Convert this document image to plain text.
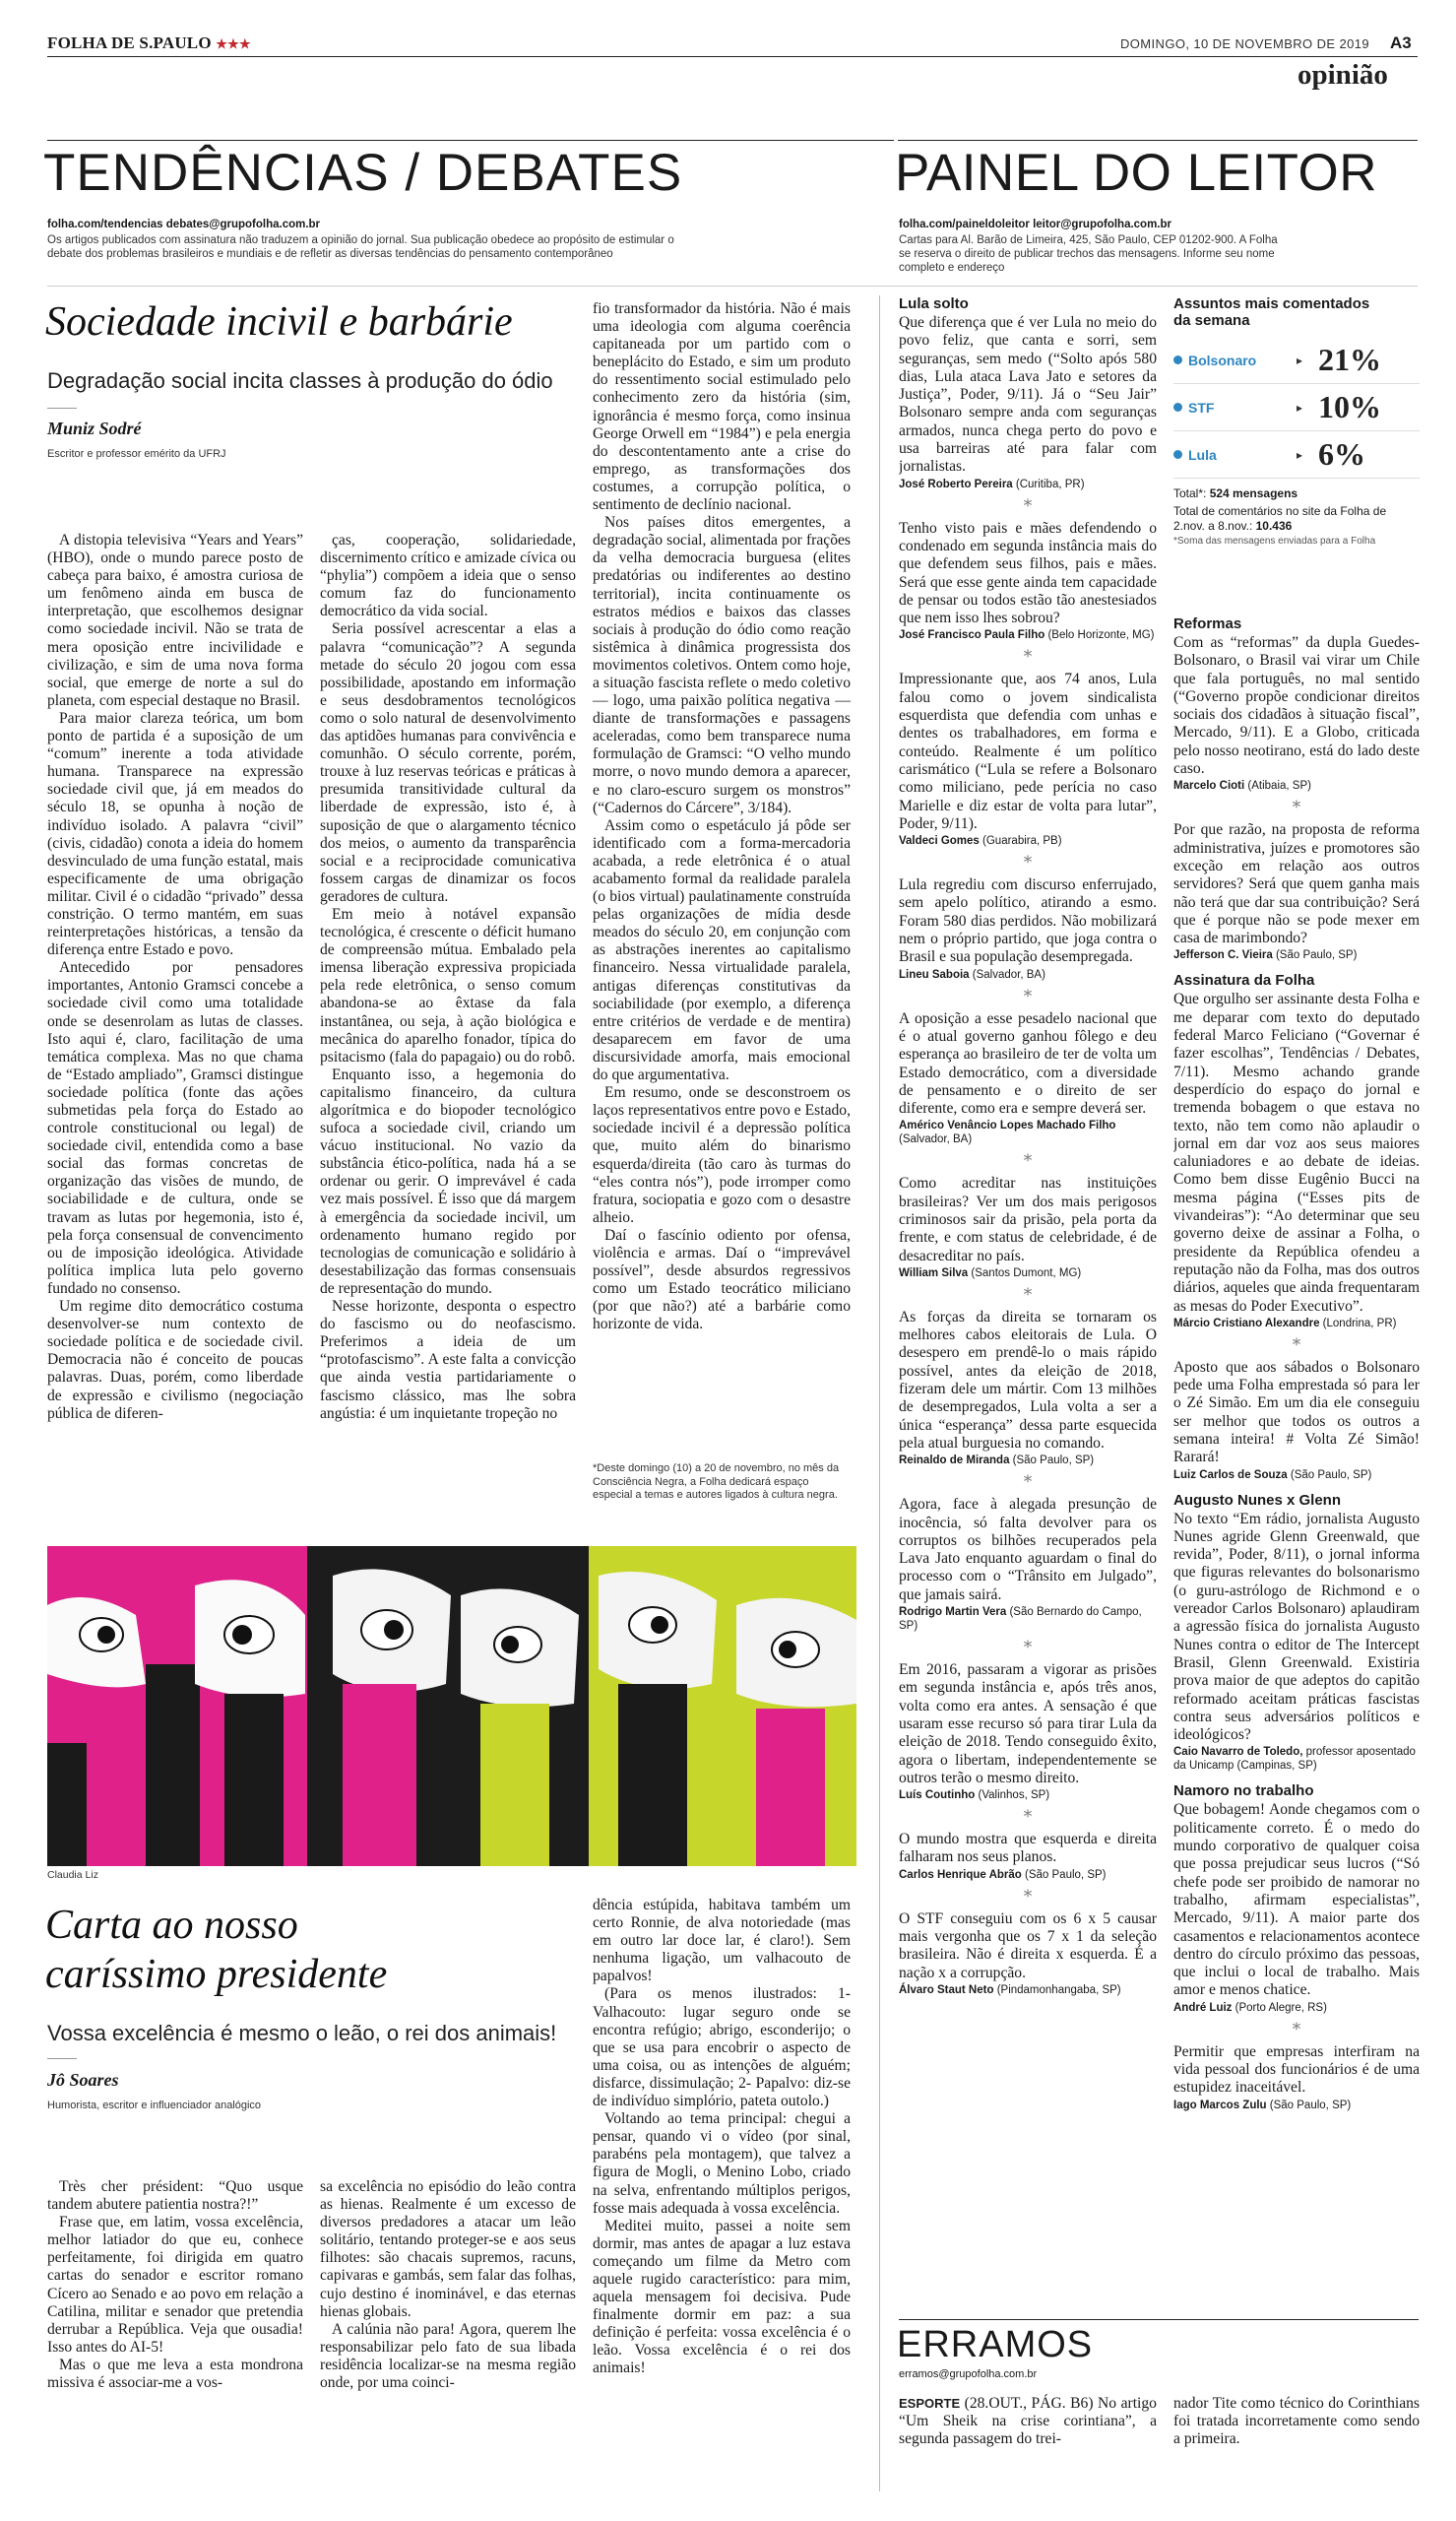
FOLHA DE S.PAULO ★★★	DOMINGO, 10 DE NOVEMBRO DE 2019 A3
opinião
TENDÊNCIAS / DEBATES
folha.com/tendencias debates@grupofolha.com.br
Os artigos publicados com assinatura não traduzem a opinião do jornal. Sua publicação obedece ao propósito de estimular o debate dos problemas brasileiros e mundiais e de refletir as diversas tendências do pensamento contemporâneo
PAINEL DO LEITOR
folha.com/paineldoleitor leitor@grupofolha.com.br
Cartas para Al. Barão de Limeira, 425, São Paulo, CEP 01202-900. A Folha se reserva o direito de publicar trechos das mensagens. Informe seu nome completo e endereço
Sociedade incivil e barbárie
Degradação social incita classes à produção do ódio
Muniz Sodré
Escritor e professor emérito da UFRJ

A distopia televisiva “Years and Years” (HBO), onde o mundo parece posto de cabeça para baixo, é amostra curiosa de um fenômeno ainda em busca de interpretação, que escolhemos designar como sociedade incivil. Não se trata de mera oposição entre incivilidade e civilização, e sim de uma nova forma social, que emerge de norte a sul do planeta, com especial destaque no Brasil.

Para maior clareza teórica, um bom ponto de partida é a suposição de um “comum” inerente a toda atividade humana. Transparece na expressão sociedade civil que, já em meados do século 18, se opunha à noção de indivíduo isolado. A palavra “civil” (civis, cidadão) conota a ideia do homem desvinculado de uma função estatal, mais especificamente de uma obrigação militar. Civil é o cidadão “privado” dessa constrição. O termo mantém, em suas reinterpretações históricas, a tensão da diferença entre Estado e povo.

Antecedido por pensadores importantes, Antonio Gramsci concebe a sociedade civil como uma totalidade onde se desenrolam as lutas de classes. Isto aqui é, claro, facilitação de uma temática complexa. Mas no que chama de “Estado ampliado”, Gramsci distingue sociedade política (fonte das ações submetidas pela força do Estado ao controle constitucional ou legal) de sociedade civil, entendida como a base social das formas concretas de organização das visões de mundo, de sociabilidade e de cultura, onde se travam as lutas por hegemonia, isto é, pela força consensual de convencimento ou de imposição ideológica. Atividade política implica luta pelo governo fundado no consenso.

Um regime dito democrático costuma desenvolver-se num contexto de sociedade política e de sociedade civil. Democracia não é conceito de poucas palavras. Duas, porém, como liberdade de expressão e civilismo (negociação pública de diferen-

ças, cooperação, solidariedade, discernimento crítico e amizade cívica ou “phylia”) compõem a ideia que o senso comum faz do funcionamento democrático da vida social.

Seria possível acrescentar a elas a palavra “comunicação”? A segunda metade do século 20 jogou com essa possibilidade, apostando em informação e seus desdobramentos tecnológicos como o solo natural de desenvolvimento das aptidões humanas para convivência e comunhão. O século corrente, porém, trouxe à luz reservas teóricas e práticas à presumida transitividade cultural da liberdade de expressão, isto é, à suposição de que o alargamento técnico dos meios, o aumento da transparência social e a reciprocidade comunicativa fossem cargas de dinamizar os focos geradores de cultura.

Em meio à notável expansão tecnológica, é crescente o déficit humano de compreensão mútua. Embalado pela imensa liberação expressiva propiciada pela rede eletrônica, o senso comum abandona-se ao êxtase da fala instantânea, ou seja, à ação biológica e mecânica do aparelho fonador, típica do psitacismo (fala do papagaio) ou do robô.

Enquanto isso, a hegemonia do capitalismo financeiro, da cultura algorítmica e do biopoder tecnológico sufoca a sociedade civil, criando um vácuo institucional. No vazio da substância ético-política, nada há a se ordenar ou gerir. O imprevável é cada vez mais possível. É isso que dá margem à emergência da sociedade incivil, um ordenamento humano regido por tecnologias de comunicação e solidário à desestabilização das formas consensuais de representação do mundo.

Nesse horizonte, desponta o espectro do fascismo ou do neofascismo. Preferimos a ideia de um “protofascismo”. A este falta a convicção que ainda vestia partidariamente o fascismo clássico, mas lhe sobra angústia: é um inquietante tropeção no

fio transformador da história. Não é mais uma ideologia com alguma coerência capitaneada por um partido com o beneplácito do Estado, e sim um produto do ressentimento social estimulado pelo conhecimento zero da história (sim, ignorância é mesmo força, como insinua George Orwell em “1984”) e pela energia do descontentamento ante a crise do emprego, as transformações dos costumes, a corrupção política, o sentimento de declínio nacional.

Nos países ditos emergentes, a degradação social, alimentada por frações da velha democracia burguesa (elites predatórias ou indiferentes ao destino territorial), incita continuamente os estratos médios e baixos das classes sociais à produção do ódio como reação sistêmica à dinâmica progressista dos movimentos coletivos. Ontem como hoje, a situação fascista reflete o medo coletivo — logo, uma paixão política negativa — diante de transformações e passagens aceleradas, como bem transparece numa formulação de Gramsci: “O velho mundo morre, o novo mundo demora a aparecer, e no claro-escuro surgem os monstros” (“Cadernos do Cárcere”, 3/184).

Assim como o espetáculo já pôde ser identificado com a forma-mercadoria acabada, a rede eletrônica é o atual acabamento formal da realidade paralela (o bios virtual) paulatinamente construída pelas organizações de mídia desde meados do século 20, em conjunção com as abstrações inerentes ao capitalismo financeiro. Nessa virtualidade paralela, antigas diferenças constitutivas da sociabilidade (por exemplo, a diferença entre critérios de verdade e de mentira) desaparecem em favor de uma discursividade amorfa, mais emocional do que argumentativa.

Em resumo, onde se desconstroem os laços representativos entre povo e Estado, sociedade incivil é a depressão política que, muito além do binarismo esquerda/direita (tão caro às turmas do “eles contra nós”), pode irromper como fratura, sociopatia e gozo com o desastre alheio.

Daí o fascínio odiento por ofensa, violência e armas. Daí o “imprevável possível”, desde absurdos regressivos como um Estado teocrático miliciano (por que não?) até a barbárie como horizonte de vida.

*Deste domingo (10) a 20 de novembro, no mês da Consciência Negra, a Folha dedicará espaço especial a temas e autores ligados à cultura negra.
Claudia Liz
Carta ao nosso
caríssimo presidente
Vossa excelência é mesmo o leão, o rei dos animais!
Jô Soares
Humorista, escritor e influenciador analógico

Très cher président: “Quo usque tandem abutere patientia nostra?!”

Frase que, em latim, vossa excelência, melhor latiador do que eu, conhece perfeitamente, foi dirigida em quatro cartas do senador e escritor romano Cícero ao Senado e ao povo em relação a Catilina, militar e senador que pretendia derrubar a República. Veja que ousadia! Isso antes do AI-5!

Mas o que me leva a esta mondrona missiva é associar-me a vos-

sa excelência no episódio do leão contra as hienas. Realmente é um excesso de diversos predadores a atacar um leão solitário, tentando proteger-se e aos seus filhotes: são chacais supremos, racuns, capivaras e gambás, sem falar das folhas, cujo destino é inominável, e das eternas hienas globais.

A calúnia não para! Agora, querem lhe responsabilizar pelo fato de sua libada residência localizar-se na mesma região onde, por uma coinci-

dência estúpida, habitava também um certo Ronnie, de alva notoriedade (mas em outro lar doce lar, é claro!). Sem nenhuma ligação, um valhacouto de papalvos!

(Para os menos ilustrados: 1- Valhacouto: lugar seguro onde se encontra refúgio; abrigo, esconderijo; o que se usa para encobrir o aspecto de uma coisa, ou as intenções de alguém; disfarce, dissimulação; 2- Papalvo: diz-se de indivíduo simplório, pateta outolo.)

Voltando ao tema principal: chegui a pensar, quando vi o vídeo (por sinal, parabéns pela montagem), que talvez a figura de Mogli, o Menino Lobo, criado na selva, enfrentando múltiplos perigos, fosse mais adequada à vossa excelência.

Meditei muito, passei a noite sem dormir, mas antes de apagar a luz estava começando um filme da Metro com aquele rugido característico: para mim, aquela mensagem foi decisiva. Pude finalmente dormir em paz: a sua definição é perfeita: vossa excelência é o leão. Vossa excelência é o rei dos animais!

Lula solto

Que diferença que é ver Lula no meio do povo feliz, que canta e sorri, sem seguranças, sem medo (“Solto após 580 dias, Lula ataca Lava Jato e setores da Justiça”, Poder, 9/11). Já o “Seu Jair” Bolsonaro sempre anda com seguranças armados, nunca chega perto do povo e usa barreiras até para falar com jornalistas.

José Roberto Pereira (Curitiba, PR)
*

Tenho visto pais e mães defendendo o condenado em segunda instância mais do que defendem seus filhos, pais e mães. Será que esse gente ainda tem capacidade de pensar ou todos estão tão anestesiados que nem isso lhes sobrou?

José Francisco Paula Filho (Belo Horizonte, MG)
*

Impressionante que, aos 74 anos, Lula falou como o jovem sindicalista esquerdista que defendia com unhas e dentes os trabalhadores, em forma e conteúdo. Realmente é um político carismático (“Lula se refere a Bolsonaro como miliciano, pede perícia no caso Marielle e diz estar de volta para lutar”, Poder, 9/11).

Valdeci Gomes (Guarabira, PB)
*

Lula regrediu com discurso enferrujado, sem apelo político, atirando a esmo. Foram 580 dias perdidos. Não mobilizará nem o próprio partido, que joga contra o Brasil e sua população desempregada.

Lineu Saboia (Salvador, BA)
*

A oposição a esse pesadelo nacional que é o atual governo ganhou fôlego e deu esperança ao brasileiro de ter de volta um Estado democrático, com a diversidade de pensamento e o direito de ser diferente, como era e sempre deverá ser.

Américo Venâncio Lopes Machado Filho (Salvador, BA)
*

Como acreditar nas instituições brasileiras? Ver um dos mais perigosos criminosos sair da prisão, pela porta da frente, e com status de celebridade, é de desacreditar no país.

William Silva (Santos Dumont, MG)
*

As forças da direita se tornaram os melhores cabos eleitorais de Lula. O desespero em prendê-lo o mais rápido possível, antes da eleição de 2018, fizeram dele um mártir. Com 13 milhões de desempregados, Lula volta a ser a única “esperança” dessa parte esquecida pela atual burguesia no comando.

Reinaldo de Miranda (São Paulo, SP)
*

Agora, face à alegada presunção de inocência, só falta devolver para os corruptos os bilhões recuperados pela Lava Jato enquanto aguardam o final do processo com o “Trânsito em Julgado”, que jamais sairá.

Rodrigo Martin Vera (São Bernardo do Campo, SP)
*

Em 2016, passaram a vigorar as prisões em segunda instância e, após três anos, volta como era antes. A sensação é que usaram esse recurso só para tirar Lula da eleição de 2018. Tendo conseguido êxito, agora o libertam, independentemente se outros terão o mesmo direito.

Luís Coutinho (Valinhos, SP)
*

O mundo mostra que esquerda e direita falharam nos seus planos.

Carlos Henrique Abrão (São Paulo, SP)
*

O STF conseguiu com os 6 x 5 causar mais vergonha que os 7 x 1 da seleção brasileira. Não é direita x esquerda. É a nação x a corrupção.

Álvaro Staut Neto (Pindamonhangaba, SP)
Assuntos mais comentados da semana
Bolsonaro	▸ 21%
STF	▸ 10%
Lula	▸ 6%
Total*: 524 mensagens
Total de comentários no site da Folha de 2.nov. a 8.nov.: 10.436
*Soma das mensagens enviadas para a Folha
Reformas

Com as “reformas” da dupla Guedes-Bolsonaro, o Brasil vai virar um Chile que fala português, no mal sentido (“Governo propõe condicionar direitos sociais dos cidadãos à situação fiscal”, Mercado, 9/11). E a Globo, criticada pelo nosso neotirano, está do lado deste caso.

Marcelo Cioti (Atibaia, SP)
*

Por que razão, na proposta de reforma administrativa, juízes e promotores são exceção em relação aos outros servidores? Será que quem ganha mais não terá que dar sua contribuição? Será que é porque não se pode mexer em casa de marimbondo?

Jefferson C. Vieira (São Paulo, SP)
Assinatura da Folha

Que orgulho ser assinante desta Folha e me deparar com texto do deputado federal Marco Feliciano (“Governar é fazer escolhas”, Tendências / Debates, 7/11). Mesmo achando grande desperdício do espaço do jornal e tremenda bobagem o que estava no texto, não tem como não aplaudir o jornal em dar voz aos seus maiores caluniadores e ao debate de ideias. Como bem disse Eugênio Bucci na mesma página (“Esses pits de vivandeiras”): “Ao determinar que seu governo deixe de assinar a Folha, o presidente da República ofendeu a reputação não da Folha, mas dos outros diários, aqueles que ainda frequentaram as mesas do Poder Executivo”.

Márcio Cristiano Alexandre (Londrina, PR)
*

Aposto que aos sábados o Bolsonaro pede uma Folha emprestada só para ler o Zé Simão. Em um dia ele conseguiu ser melhor que todos os outros a semana inteira! # Volta Zé Simão! Rarará!

Luiz Carlos de Souza (São Paulo, SP)
Augusto Nunes x Glenn

No texto “Em rádio, jornalista Augusto Nunes agride Glenn Greenwald, que revida”, Poder, 8/11), o jornal informa que figuras relevantes do bolsonarismo (o guru-astrólogo de Richmond e o vereador Carlos Bolsonaro) aplaudiram a agressão física do jornalista Augusto Nunes contra o editor de The Intercept Brasil, Glenn Greenwald. Existiria prova maior de que adeptos do capitão reformado aceitam práticas fascistas contra seus adversários políticos e ideológicos?

Caio Navarro de Toledo, professor aposentado da Unicamp (Campinas, SP)
Namoro no trabalho

Que bobagem! Aonde chegamos com o politicamente correto. É o medo do mundo corporativo de qualquer coisa que possa prejudicar seus lucros (“Só chefe pode ser proibido de namorar no trabalho, afirmam especialistas”, Mercado, 9/11). A maior parte dos casamentos e relacionamentos acontece dentro do círculo próximo das pessoas, que inclui o local de trabalho. Mais amor e menos chatice.

André Luiz (Porto Alegre, RS)
*

Permitir que empresas interfiram na vida pessoal dos funcionários é de uma estupidez inaceitável.

Iago Marcos Zulu (São Paulo, SP)
ERRAMOS
erramos@grupofolha.com.br
ESPORTE (28.OUT., PÁG. B6) No artigo “Um Sheik na crise corintiana”, a segunda passagem do trei-
nador Tite como técnico do Corinthians foi tratada incorretamente como sendo a primeira.
